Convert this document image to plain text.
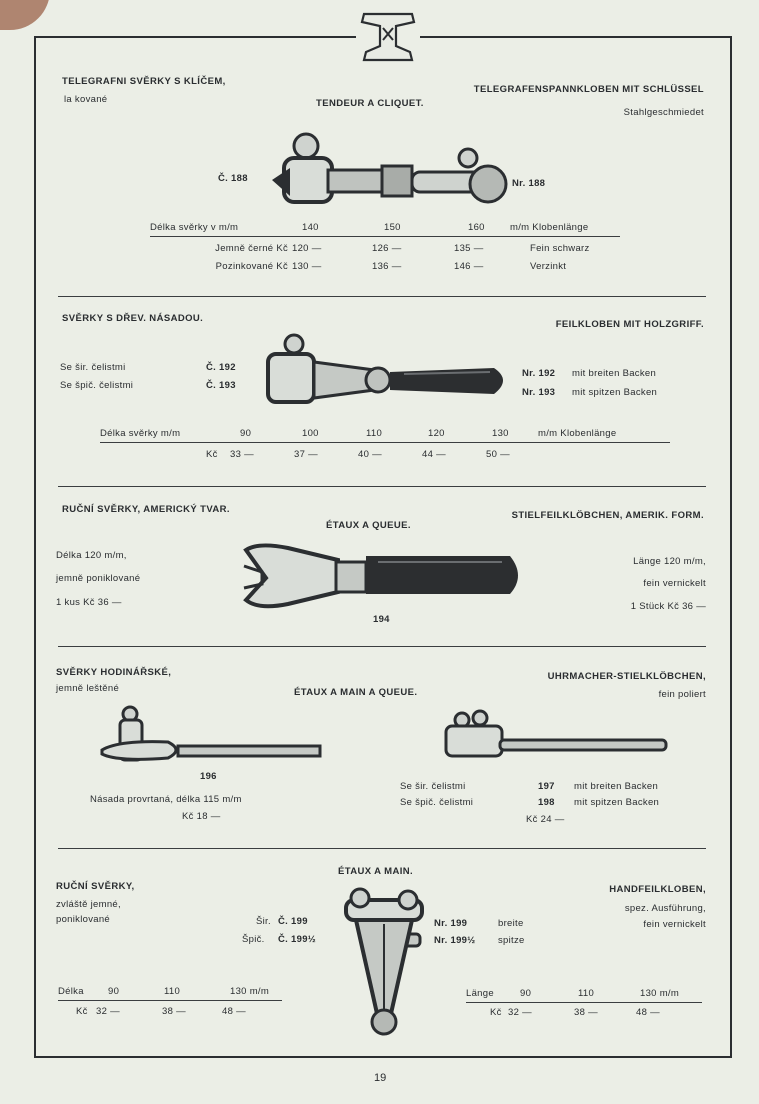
TELEGRAFNI SVĚRKY S KLÍČEM,
la kované	TENDEUR A CLIQUET.
TELEGRAFENSPANNKLOBEN MIT SCHLÜSSEL
Stahlgeschmiedet
Č. 188	Nr. 188
Délka svěrky v m/m	140	150	160	m/m Klobenlänge
Jemně černé Kč 120 —	126 —	135 —	Fein schwarz
Pozinkované Kč 130 —	136 —	146 —	Verzinkt
SVĚRKY S DŘEV. NÁSADOU.
FEILKLOBEN MIT HOLZGRIFF.
Se šir. čelistmi	Č. 192
Se špič. čelistmi	Č. 193
Nr. 192 mit breiten Backen
Nr. 193 mit spitzen Backen
Délka svěrky m/m	90	100	110	120	130	m/m Klobenlänge
Kč 33 —	37 —	40 —	44 —	50 —
RUČNÍ SVĚRKY, AMERICKÝ TVAR.
ÉTAUX A QUEUE.
STIELFEILKLÖBCHEN, AMERIK. FORM.
Délka 120 m/m,
jemně poniklované
1 kus Kč 36 —
Länge 120 m/m,
fein vernickelt
1 Stück Kč 36 —
194
SVĚRKY HODINÁŘSKÉ,
jemně leštěné	ÉTAUX A MAIN A QUEUE.
UHRMACHER-STIELKLÖBCHEN,
fein poliert
196
Násada provrtaná, délka 115 m/m
Kč 18 —
Se šir. čelistmi	197 mit breiten Backen
Se špič. čelistmi	198 mit spitzen Backen
Kč 24 —
ÉTAUX A MAIN.
RUČNÍ SVĚRKY,
zvláště jemné,
poniklované
HANDFEILKLOBEN,
spez. Ausführung,
fein vernickelt
Šir. Č. 199
Špič. Č. 199½
Nr. 199	breite
Nr. 199½ spitze
Délka	90	110	130 m/m
Kč 32 —	38 —	48 —
Länge	90	110	130 m/m
Kč 32 —	38 —	48 —
19
